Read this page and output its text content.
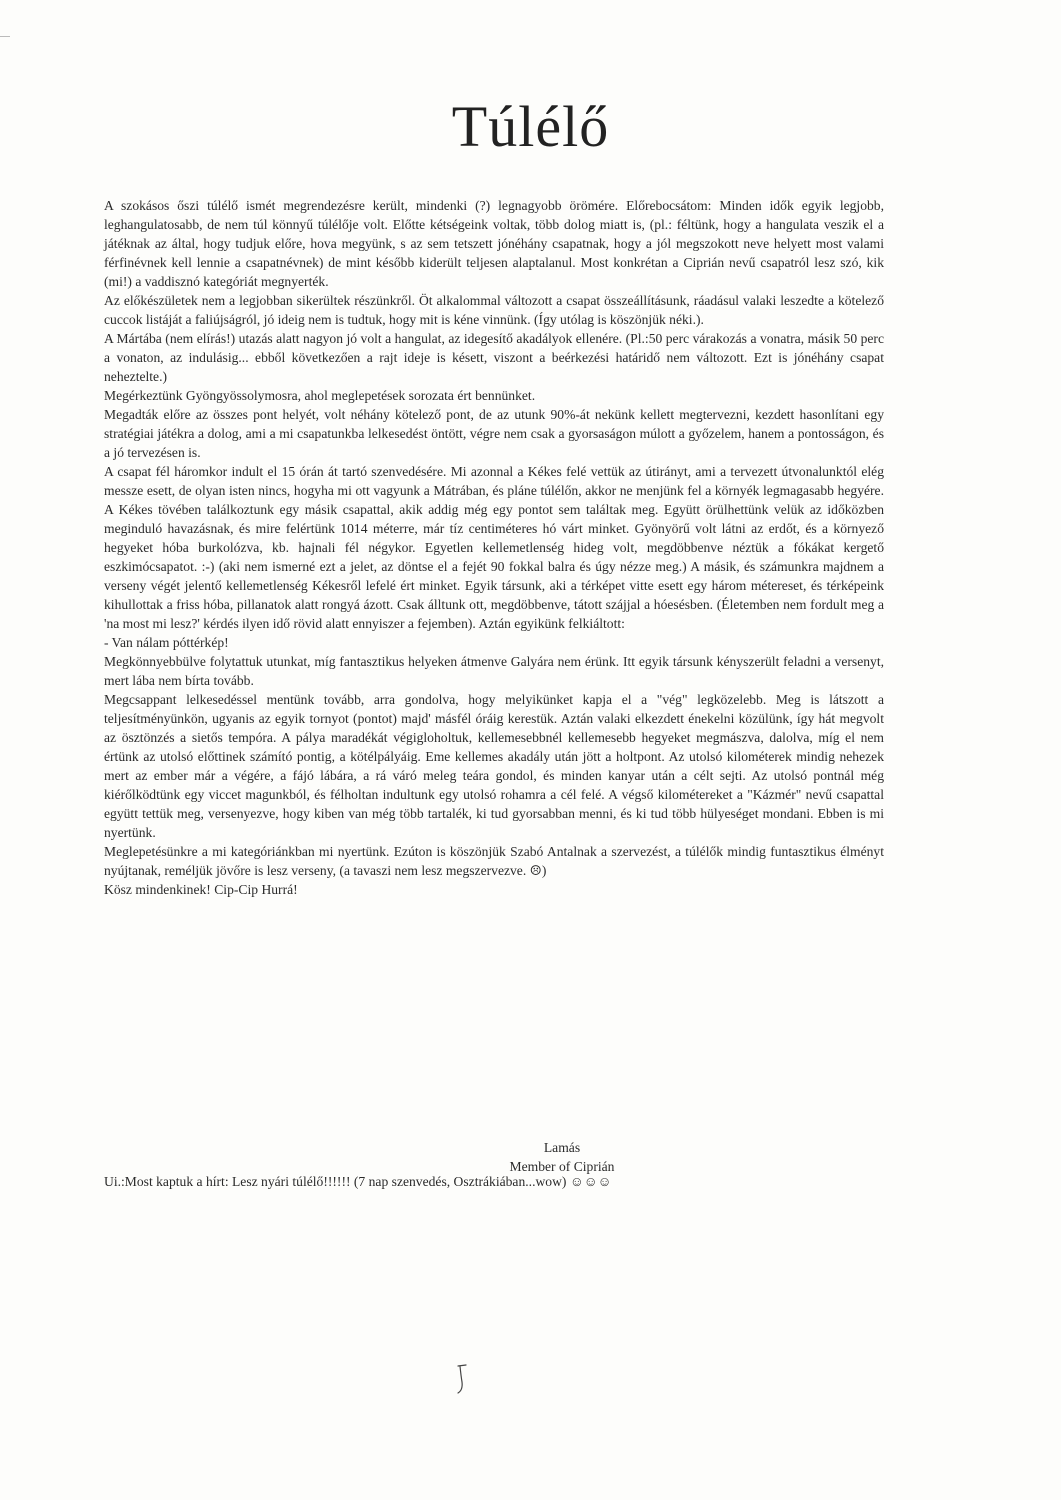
Túlélő

A szokásos őszi túlélő ismét megrendezésre került, mindenki (?) legnagyobb örömére. Előrebocsátom: Minden idők egyik legjobb, leghangulatosabb, de nem túl könnyű túlélője volt. Előtte kétségeink voltak, több dolog miatt is, (pl.: féltünk, hogy a hangulata veszik el a játéknak az által, hogy tudjuk előre, hova megyünk, s az sem tetszett jónéhány csapatnak, hogy a jól megszokott neve helyett most valami férfinévnek kell lennie a csapatnévnek) de mint később kiderült teljesen alaptalanul. Most konkrétan a Ciprián nevű csapatról lesz szó, kik (mi!) a vaddisznó kategóriát megnyerték.

Az előkészületek nem a legjobban sikerültek részünkről. Öt alkalommal változott a csapat összeállításunk, ráadásul valaki leszedte a kötelező cuccok listáját a faliújságról, jó ideig nem is tudtuk, hogy mit is kéne vinnünk. (Így utólag is köszönjük néki.).

A Mártába (nem elírás!) utazás alatt nagyon jó volt a hangulat, az idegesítő akadályok ellenére. (Pl.:50 perc várakozás a vonatra, másik 50 perc a vonaton, az indulásig... ebből következően a rajt ideje is késett, viszont a beérkezési határidő nem változott. Ezt is jónéhány csapat neheztelte.)

Megérkeztünk Gyöngyössolymosra, ahol meglepetések sorozata ért bennünket.

Megadták előre az összes pont helyét, volt néhány kötelező pont, de az utunk 90%-át nekünk kellett megtervezni, kezdett hasonlítani egy stratégiai játékra a dolog, ami a mi csapatunkba lelkesedést öntött, végre nem csak a gyorsaságon múlott a győzelem, hanem a pontosságon, és a jó tervezésen is.

A csapat fél háromkor indult el 15 órán át tartó szenvedésére. Mi azonnal a Kékes felé vettük az útirányt, ami a tervezett útvonalunktól elég messze esett, de olyan isten nincs, hogyha mi ott vagyunk a Mátrában, és pláne túlélőn, akkor ne menjünk fel a környék legmagasabb hegyére. A Kékes tövében találkoztunk egy másik csapattal, akik addig még egy pontot sem találtak meg. Együtt örülhettünk velük az időközben meginduló havazásnak, és mire felértünk 1014 méterre, már tíz centiméteres hó várt minket. Gyönyörű volt látni az erdőt, és a környező hegyeket hóba burkolózva, kb. hajnali fél négykor. Egyetlen kellemetlenség hideg volt, megdöbbenve néztük a fókákat kergető eszkimócsapatot. :-) (aki nem ismerné ezt a jelet, az döntse el a fejét 90 fokkal balra és úgy nézze meg.) A másik, és számunkra majdnem a verseny végét jelentő kellemetlenség Kékesről lefelé ért minket. Egyik társunk, aki a térképet vitte esett egy három métereset, és térképeink kihullottak a friss hóba, pillanatok alatt rongyá ázott. Csak álltunk ott, megdöbbenve, tátott szájjal a hóesésben. (Életemben nem fordult meg a 'na most mi lesz?' kérdés ilyen idő rövid alatt ennyiszer a fejemben). Aztán egyikünk felkiáltott:

- Van nálam póttérkép!

Megkönnyebbülve folytattuk utunkat, míg fantasztikus helyeken átmenve Galyára nem érünk. Itt egyik társunk kényszerült feladni a versenyt, mert lába nem bírta tovább.

Megcsappant lelkesedéssel mentünk tovább, arra gondolva, hogy melyikünket kapja el a "vég" legközelebb. Meg is látszott a teljesítményünkön, ugyanis az egyik tornyot (pontot) majd' másfél óráig kerestük. Aztán valaki elkezdett énekelni közülünk, így hát megvolt az ösztönzés a sietős tempóra. A pálya maradékát végigloholtuk, kellemesebbnél kellemesebb hegyeket megmászva, dalolva, míg el nem értünk az utolsó előttinek számító pontig, a kötélpályáig. Eme kellemes akadály után jött a holtpont. Az utolsó kilométerek mindig nehezek mert az ember már a végére, a fájó lábára, a rá váró meleg teára gondol, és minden kanyar után a célt sejti. Az utolsó pontnál még kiérőlködtünk egy viccet magunkból, és félholtan indultunk egy utolsó rohamra a cél felé. A végső kilométereket a "Kázmér" nevű csapattal együtt tettük meg, versenyezve, hogy kiben van még több tartalék, ki tud gyorsabban menni, és ki tud több hülyeséget mondani. Ebben is mi nyertünk.

Meglepetésünkre a mi kategóriánkban mi nyertünk. Ezúton is köszönjük Szabó Antalnak a szervezést, a túlélők mindig funtasztikus élményt nyújtanak, reméljük jövőre is lesz verseny, (a tavaszi nem lesz megszervezve. ☹)

Kösz mindenkinek! Cip-Cip Hurrá!

Lamás
Member of Ciprián
Ui.:Most kaptuk a hírt: Lesz nyári túlélő!!!!!! (7 nap szenvedés, Osztrákiában...wow) ☺☺☺
